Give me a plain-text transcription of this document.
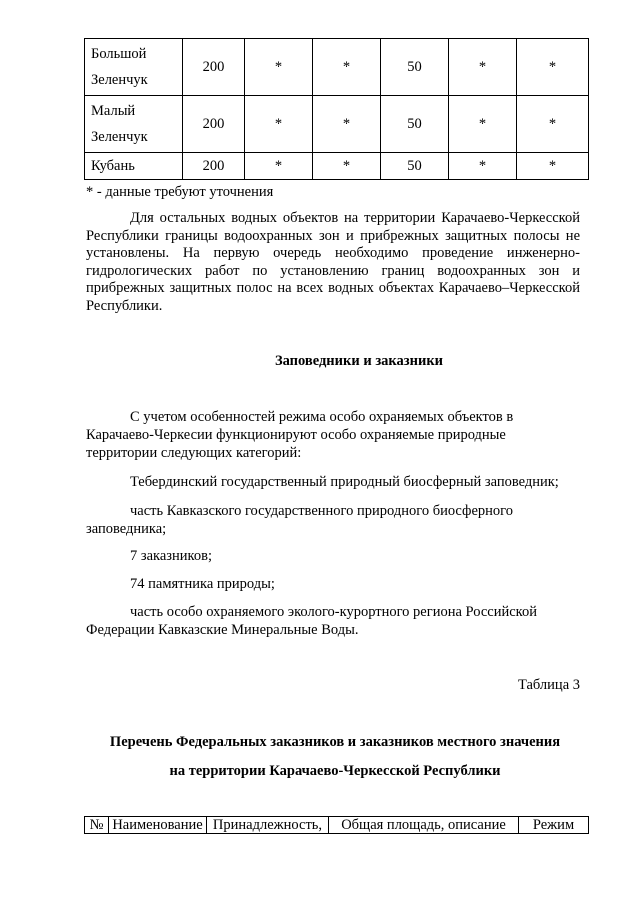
Большой
Зеленчук	200	*	*	50	*	*
Малый
Зеленчук	200	*	*	50	*	*
Кубань	200	*	*	50	*	*
* - данные требуют уточнения
Для остальных водных объектов на территории Карачаево-Черкесской Республики границы водоохранных зон и прибрежных защитных полосы не установлены. На первую очередь необходимо проведение инженерно-гидрологических работ по установлению границ водоохранных зон и прибрежных защитных полос на всех водных объектах Карачаево–Черкесской Республики.
Заповедники и заказники
С учетом особенностей режима особо охраняемых объектов в
Карачаево-Черкесии функционируют особо охраняемые природные
территории следующих категорий:
Тебердинский государственный природный биосферный заповедник;
часть Кавказского государственного природного биосферного
заповедника;
7 заказников;
74 памятника природы;
часть особо охраняемого эколого-курортного региона Российской
Федерации Кавказские Минеральные Воды.
Таблица 3
Перечень Федеральных заказников и заказников местного значения
на территории Карачаево-Черкесской Республики
№	Наименование	Принадлежность,	Общая площадь, описание	Режим
